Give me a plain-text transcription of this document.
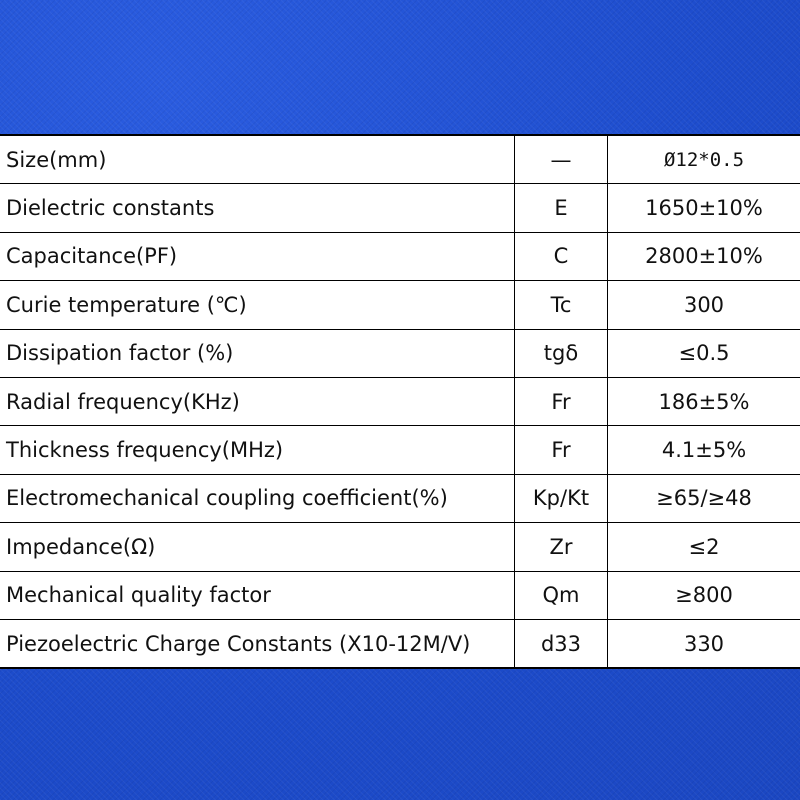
Size(mm)	—	Ø12*0.5
Dielectric constants	E	1650±10%
Capacitance(PF)	C	2800±10%
Curie temperature (℃)	Tc	300
Dissipation factor (%)	tgδ	≤0.5
Radial frequency(KHz)	Fr	186±5%
Thickness frequency(MHz)	Fr	4.1±5%
Electromechanical coupling coefficient(%)	Kp/Kt	≥65/≥48
Impedance(Ω)	Zr	≤2
Mechanical quality factor	Qm	≥800
Piezoelectric Charge Constants (X10-12M/V)	d33	330
